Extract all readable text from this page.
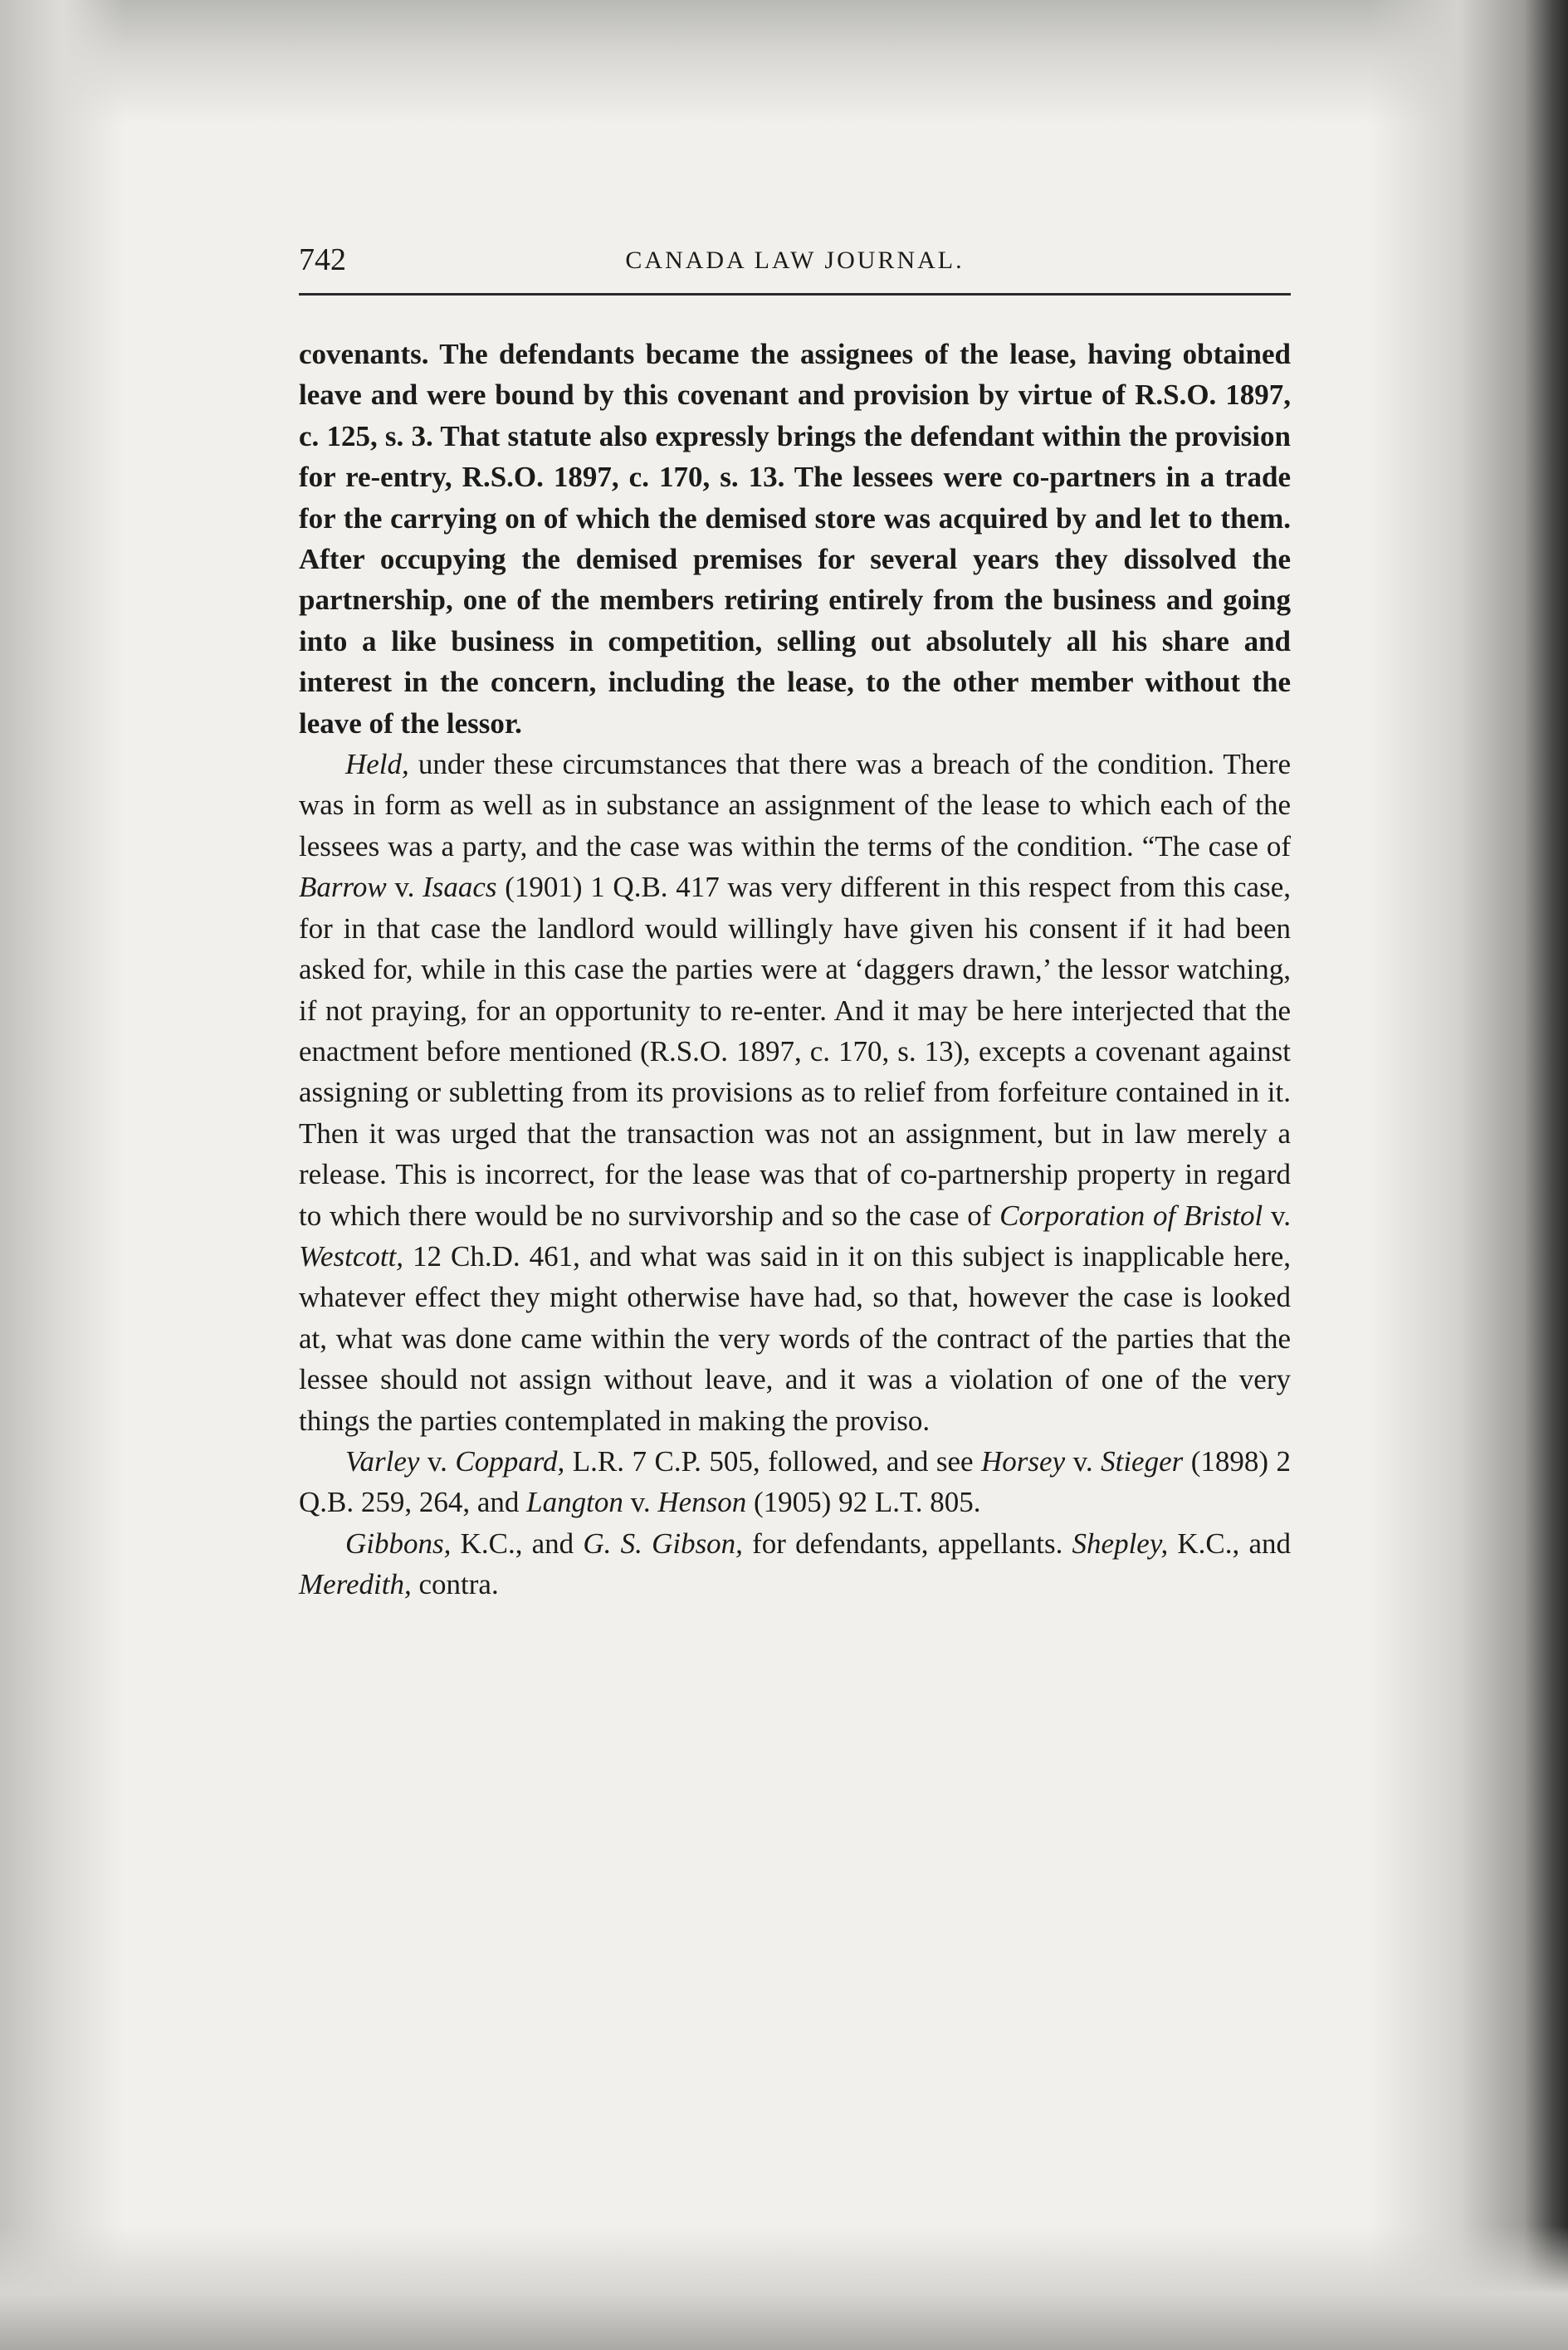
742	CANADA LAW JOURNAL.

covenants. The defendants became the assignees of the lease, having obtained leave and were bound by this covenant and provision by virtue of R.S.O. 1897, c. 125, s. 3. That statute also expressly brings the defendant within the provision for re-entry, R.S.O. 1897, c. 170, s. 13. The lessees were co-partners in a trade for the carrying on of which the demised store was acquired by and let to them. After occupying the demised premises for several years they dissolved the partnership, one of the members retiring entirely from the business and going into a like business in competition, selling out absolutely all his share and interest in the concern, including the lease, to the other member without the leave of the lessor.

Held, under these circumstances that there was a breach of the condition. There was in form as well as in substance an assignment of the lease to which each of the lessees was a party, and the case was within the terms of the condition. “The case of Barrow v. Isaacs (1901) 1 Q.B. 417 was very different in this respect from this case, for in that case the landlord would willingly have given his consent if it had been asked for, while in this case the parties were at ‘daggers drawn,’ the lessor watching, if not praying, for an opportunity to re-enter. And it may be here interjected that the enactment before mentioned (R.S.O. 1897, c. 170, s. 13), excepts a covenant against assigning or subletting from its provisions as to relief from forfeiture contained in it. Then it was urged that the transaction was not an assignment, but in law merely a release. This is incorrect, for the lease was that of co-partnership property in regard to which there would be no survivorship and so the case of Corporation of Bristol v. Westcott, 12 Ch.D. 461, and what was said in it on this subject is inapplicable here, whatever effect they might otherwise have had, so that, however the case is looked at, what was done came within the very words of the contract of the parties that the lessee should not assign without leave, and it was a violation of one of the very things the parties contemplated in making the proviso.

Varley v. Coppard, L.R. 7 C.P. 505, followed, and see Horsey v. Stieger (1898) 2 Q.B. 259, 264, and Langton v. Henson (1905) 92 L.T. 805.

Gibbons, K.C., and G. S. Gibson, for defendants, appellants. Shepley, K.C., and Meredith, contra.
